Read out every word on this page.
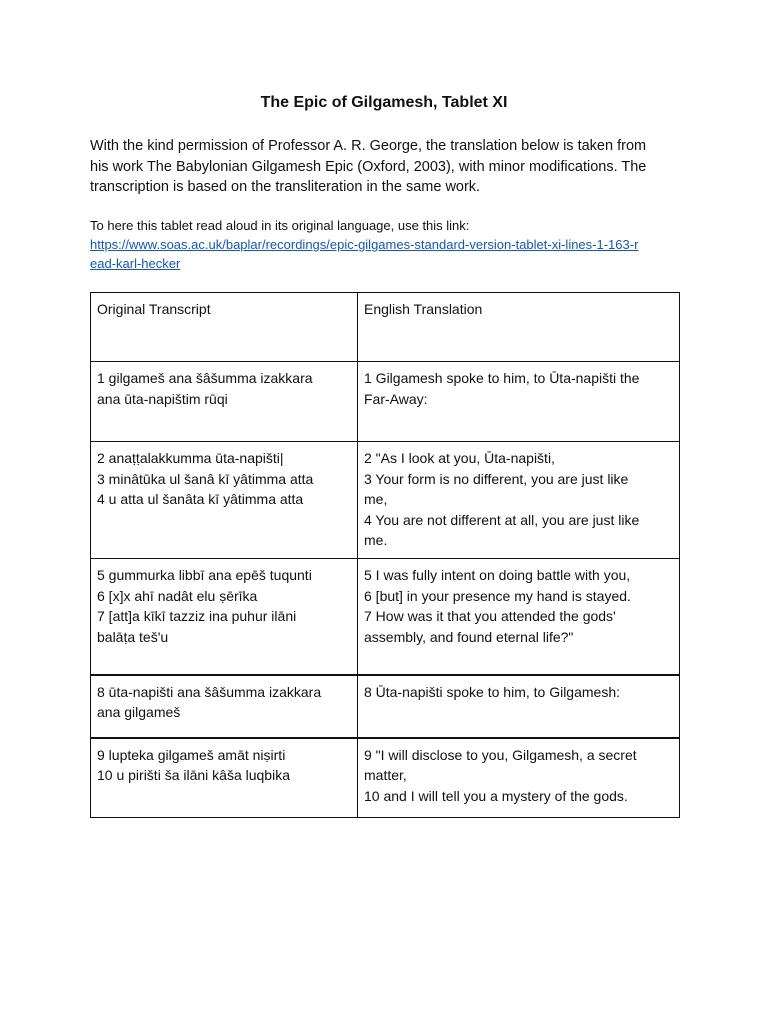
The Epic of Gilgamesh, Tablet XI

With the kind permission of Professor A. R. George, the translation below is taken from
his work The Babylonian Gilgamesh Epic (Oxford, 2003), with minor modifications. The
transcription is based on the transliteration in the same work.

To here this tablet read aloud in its original language, use this link:
https://www.soas.ac.uk/baplar/recordings/epic-gilgames-standard-version-tablet-xi-lines-1-163-r
ead-karl-hecker

Original Transcript	English Translation

1 gilgameš ana šâšumma izakkara
ana ūta-napištim rūqi	1 Gilgamesh spoke to him, to Ūta-napišti the
Far-Away:

2 anaṭṭalakkumma ūta-napišti|
3 minâtūka ul šanâ kī yâtimma atta
4 u atta ul šanâta kī yâtimma atta	2 "As I look at you, Ūta-napišti,
3 Your form is no different, you are just like
me,
4 You are not different at all, you are just like
me.

5 gummurka libbī ana epēš tuqunti
6 [x]x ahī nadât elu ṣērīka
7 [att]a kīkī tazziz ina puhur ilāni
balāṭa teš'u	5 I was fully intent on doing battle with you,
6 [but] in your presence my hand is stayed.
7 How was it that you attended the gods'
assembly, and found eternal life?"

8 ūta-napišti ana šâšumma izakkara
ana gilgameš	8 Ūta-napišti spoke to him, to Gilgamesh:

9 lupteka gilgameš amāt niṣirti
10 u pirišti ša ilāni kâša luqbika	9 "I will disclose to you, Gilgamesh, a secret
matter,
10 and I will tell you a mystery of the gods.
